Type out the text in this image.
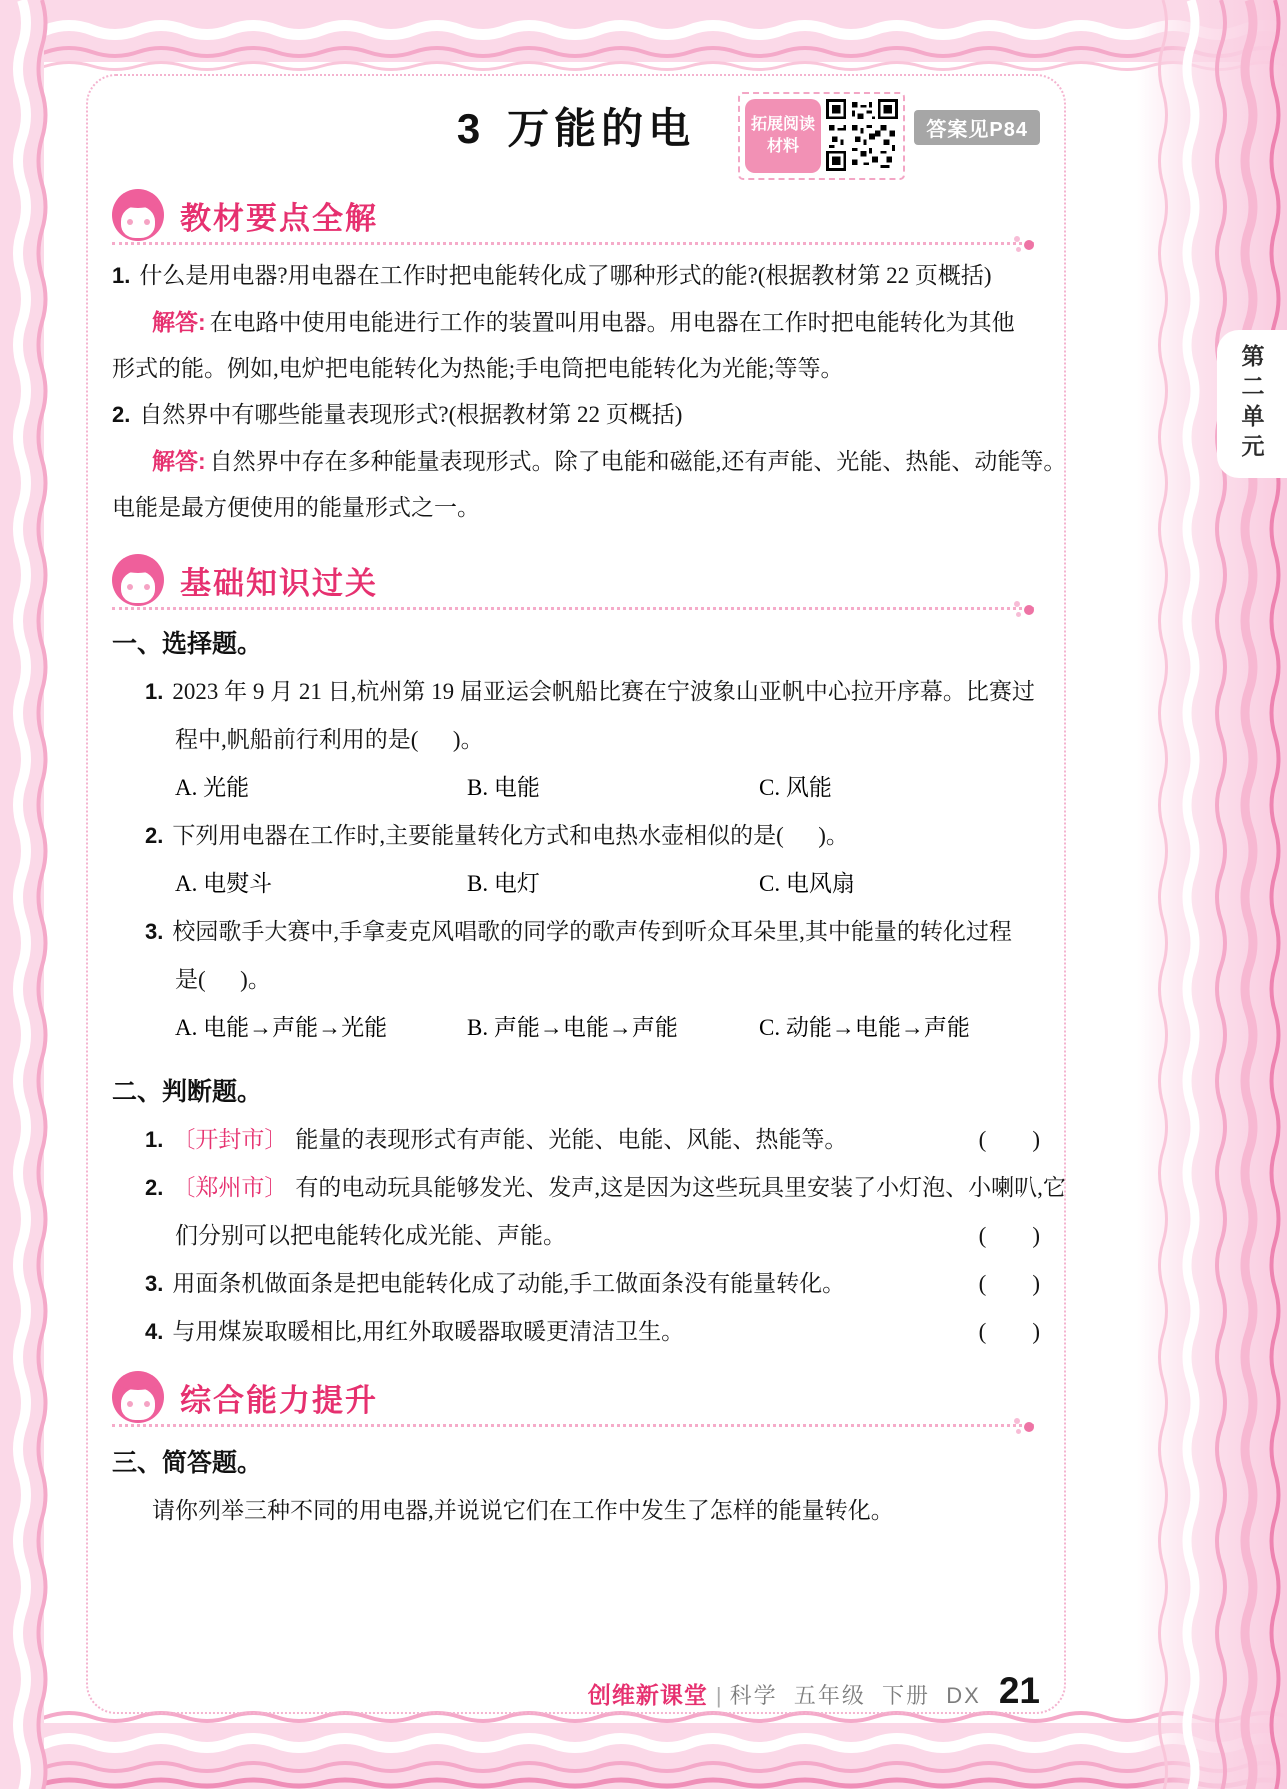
第二单元
3 万能的电	拓展阅读
材料
答案见P84
教材要点全解
1. 什么是用电器?用电器在工作时把电能转化成了哪种形式的能?(根据教材第 22 页概括)
解答: 在电路中使用电能进行工作的装置叫用电器。用电器在工作时把电能转化为其他
形式的能。例如,电炉把电能转化为热能;手电筒把电能转化为光能;等等。
2. 自然界中有哪些能量表现形式?(根据教材第 22 页概括)
解答: 自然界中存在多种能量表现形式。除了电能和磁能,还有声能、光能、热能、动能等。
电能是最方便使用的能量形式之一。
基础知识过关
一、选择题。
1. 2023 年 9 月 21 日,杭州第 19 届亚运会帆船比赛在宁波象山亚帆中心拉开序幕。比赛过
程中,帆船前行利用的是(      )。
A. 光能	B. 电能	C. 风能
2. 下列用电器在工作时,主要能量转化方式和电热水壶相似的是(      )。
A. 电熨斗	B. 电灯	C. 电风扇
3. 校园歌手大赛中,手拿麦克风唱歌的同学的歌声传到听众耳朵里,其中能量的转化过程
是(      )。
A. 电能→声能→光能	B. 声能→电能→声能	C. 动能→电能→声能
二、判断题。
1. 〔开封市〕 能量的表现形式有声能、光能、电能、风能、热能等。	(        )
2. 〔郑州市〕 有的电动玩具能够发光、发声,这是因为这些玩具里安装了小灯泡、小喇叭,它
们分别可以把电能转化成光能、声能。	(        )
3. 用面条机做面条是把电能转化成了动能,手工做面条没有能量转化。	(        )
4. 与用煤炭取暖相比,用红外取暖器取暖更清洁卫生。	(        )
综合能力提升
三、简答题。
请你列举三种不同的用电器,并说说它们在工作中发生了怎样的能量转化。

创维新课堂 | 科学  五年级  下册  DX 21
